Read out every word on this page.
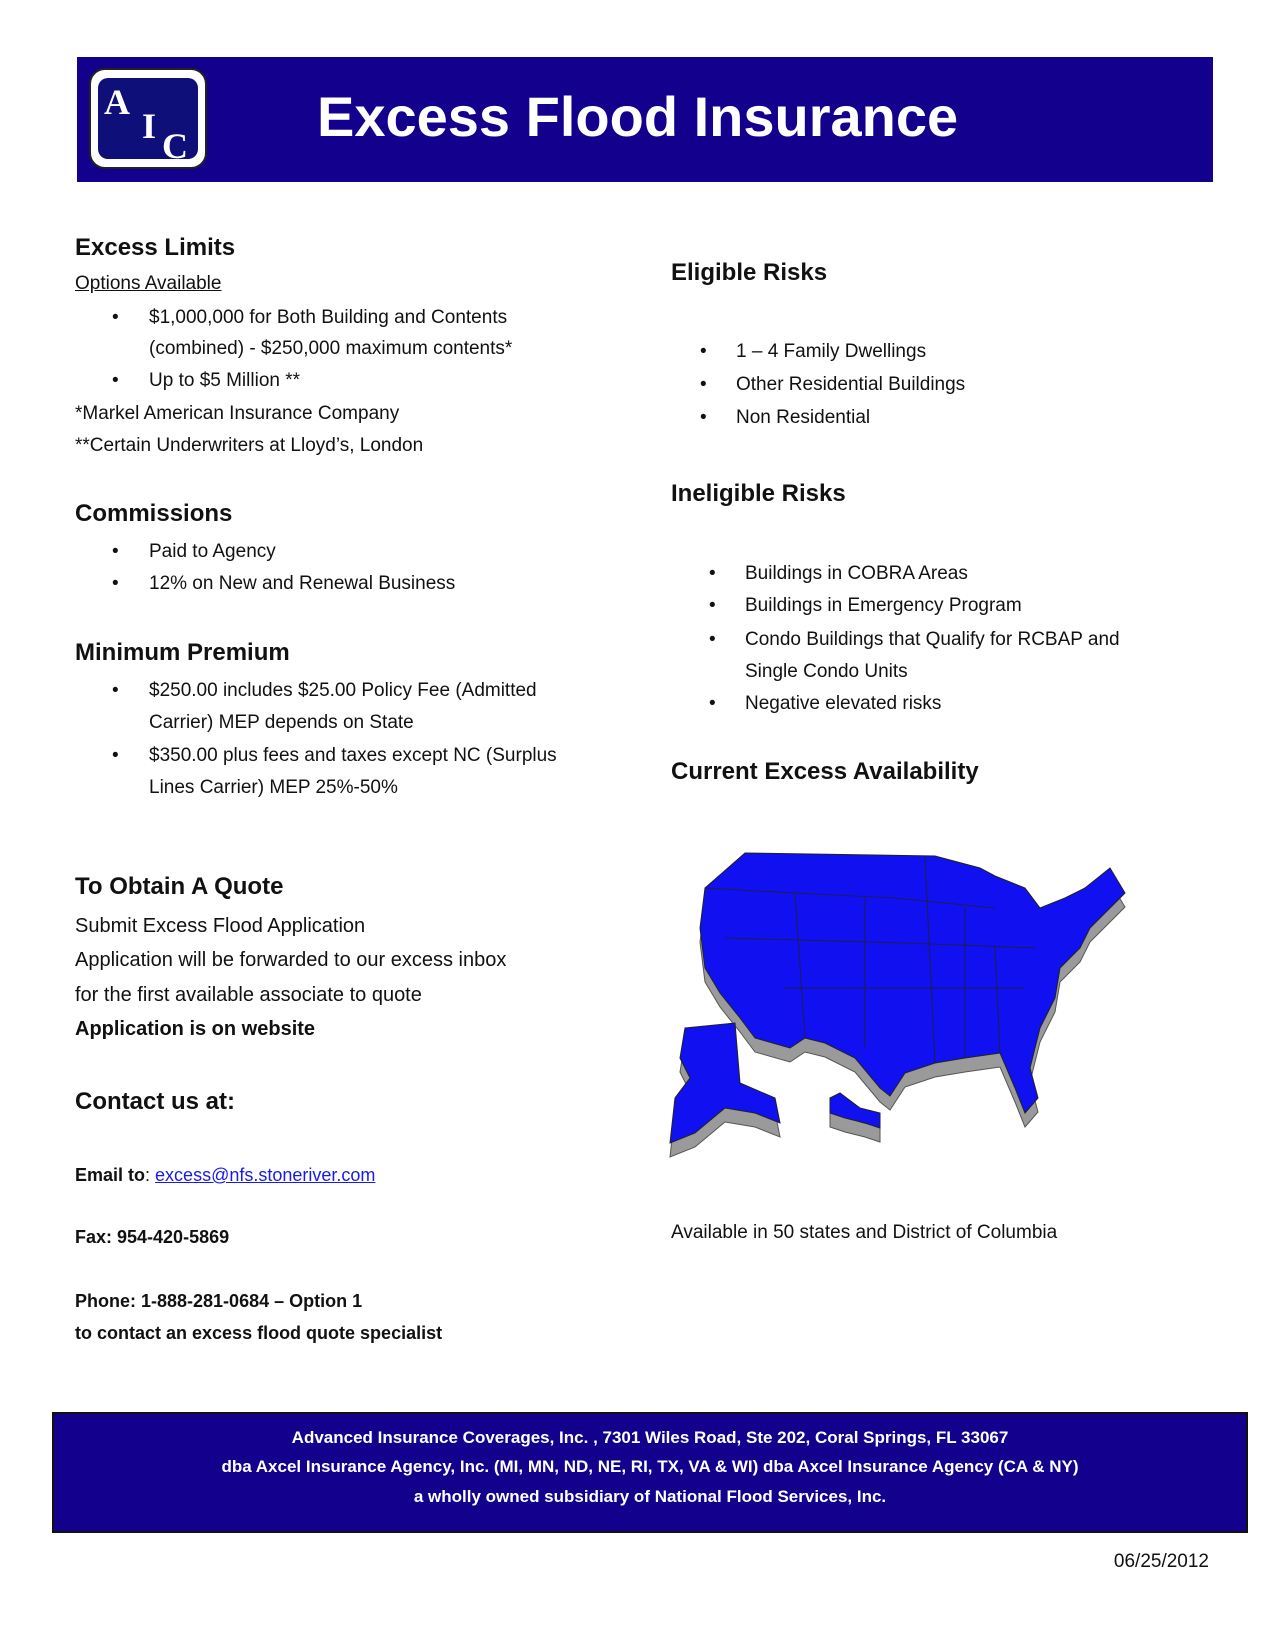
A
I C Excess Flood Insurance
Excess Limits
Options Available
• $1,000,000 for Both Building and Contents
(combined) - $250,000 maximum contents*
• Up to $5 Million **
*Markel American Insurance Company
**Certain Underwriters at Lloyd’s, London
Commissions
• Paid to Agency
• 12% on New and Renewal Business
Minimum Premium
• $250.00 includes $25.00 Policy Fee (Admitted
Carrier) MEP depends on State
• $350.00 plus fees and taxes except NC (Surplus
Lines Carrier) MEP 25%-50%
To Obtain A Quote
Submit Excess Flood Application
Application will be forwarded to our excess inbox
for the first available associate to quote
Application is on website
Contact us at:
Email to: excess@nfs.stoneriver.com
Fax: 954-420-5869
Phone: 1-888-281-0684 – Option 1
to contact an excess flood quote specialist
Eligible Risks
• 1 – 4 Family Dwellings
• Other Residential Buildings
• Non Residential
Ineligible Risks
• Buildings in COBRA Areas
• Buildings in Emergency Program
• Condo Buildings that Qualify for RCBAP and
Single Condo Units
• Negative elevated risks
Current Excess Availability
Available in 50 states and District of Columbia
Advanced Insurance Coverages, Inc. , 7301 Wiles Road, Ste 202, Coral Springs, FL 33067
dba Axcel Insurance Agency, Inc. (MI, MN, ND, NE, RI, TX, VA & WI) dba Axcel Insurance Agency (CA & NY)
a wholly owned subsidiary of National Flood Services, Inc.
06/25/2012
